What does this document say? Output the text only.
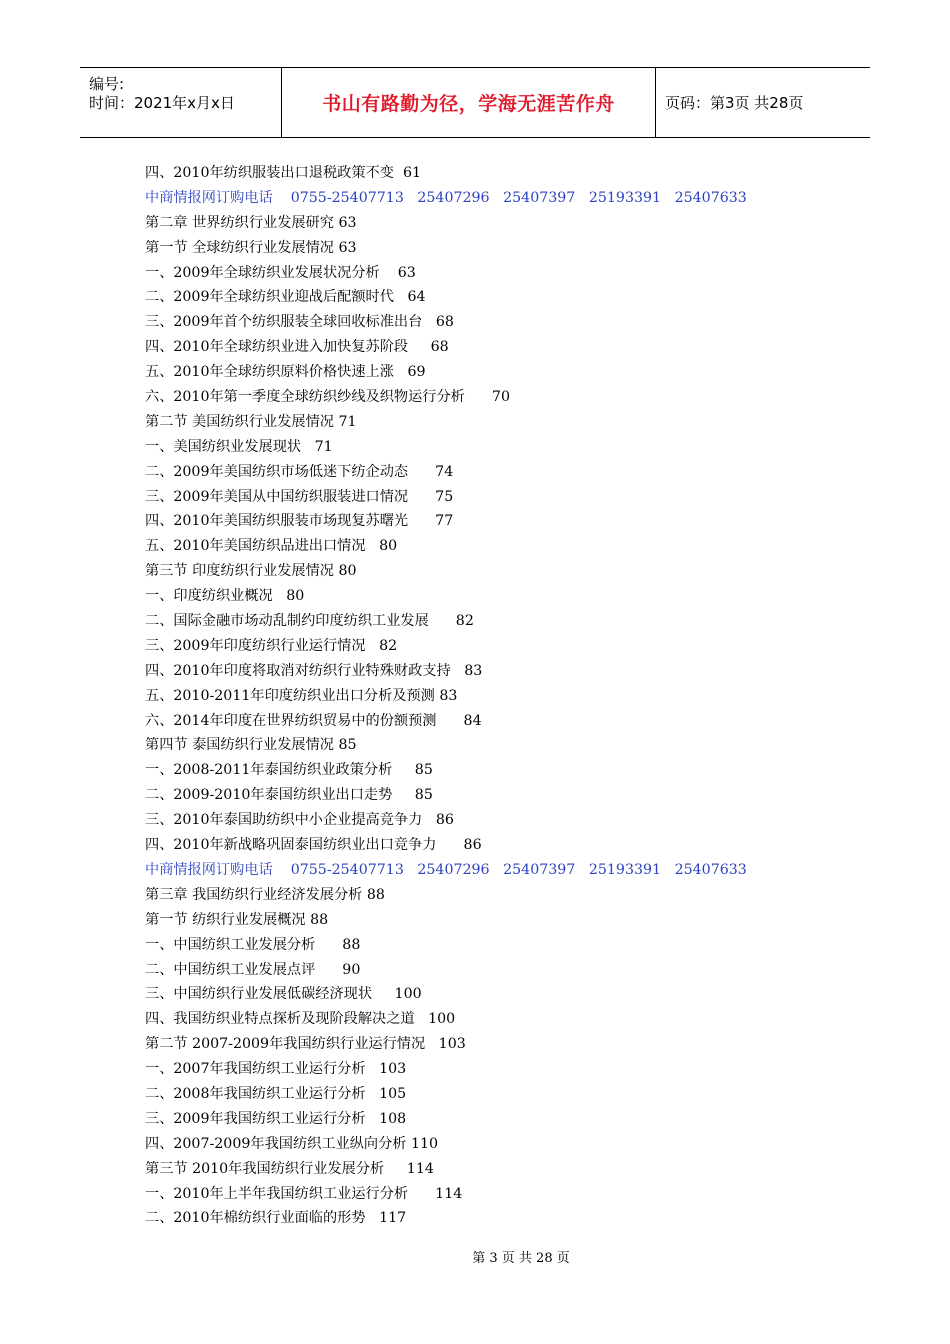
编号:
时间：2021年x月x日	书山有路勤为径，学海无涯苦作舟	页码：第3页 共28页
四、2010年纺织服装出口退税政策不变  61
中商情报网订购电话    0755-25407713   25407296   25407397   25193391   25407633
第二章 世界纺织行业发展研究 63
第一节 全球纺织行业发展情况 63
一、2009年全球纺织业发展状况分析    63
二、2009年全球纺织业迎战后配额时代   64
三、2009年首个纺织服装全球回收标准出台   68
四、2010年全球纺织业进入加快复苏阶段     68
五、2010年全球纺织原料价格快速上涨   69
六、2010年第一季度全球纺织纱线及织物运行分析      70
第二节 美国纺织行业发展情况 71
一、美国纺织业发展现状   71
二、2009年美国纺织市场低迷下纺企动态      74
三、2009年美国从中国纺织服装进口情况      75
四、2010年美国纺织服装市场现复苏曙光      77
五、2010年美国纺织品进出口情况   80
第三节 印度纺织行业发展情况 80
一、印度纺织业概况   80
二、国际金融市场动乱制约印度纺织工业发展      82
三、2009年印度纺织行业运行情况   82
四、2010年印度将取消对纺织行业特殊财政支持   83
五、2010-2011年印度纺织业出口分析及预测 83
六、2014年印度在世界纺织贸易中的份额预测      84
第四节 泰国纺织行业发展情况 85
一、2008-2011年泰国纺织业政策分析     85
二、2009-2010年泰国纺织业出口走势     85
三、2010年泰国助纺织中小企业提高竞争力   86
四、2010年新战略巩固泰国纺织业出口竞争力      86
中商情报网订购电话    0755-25407713   25407296   25407397   25193391   25407633
第三章 我国纺织行业经济发展分析 88
第一节 纺织行业发展概况 88
一、中国纺织工业发展分析      88
二、中国纺织工业发展点评      90
三、中国纺织行业发展低碳经济现状     100
四、我国纺织业特点探析及现阶段解决之道   100
第二节 2007-2009年我国纺织行业运行情况   103
一、2007年我国纺织工业运行分析   103
二、2008年我国纺织工业运行分析   105
三、2009年我国纺织工业运行分析   108
四、2007-2009年我国纺织工业纵向分析 110
第三节 2010年我国纺织行业发展分析     114
一、2010年上半年我国纺织工业运行分析      114
二、2010年棉纺织行业面临的形势   117
第 3 页 共 28 页
